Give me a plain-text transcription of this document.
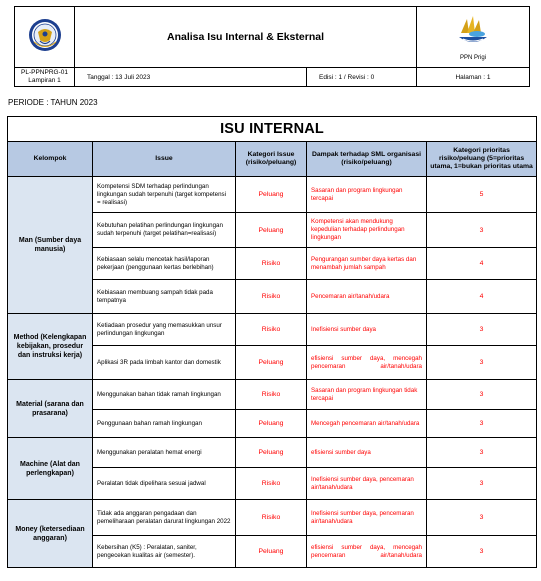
	Analisa Isu Internal & Eksternal		PPN Prigi

PL-PPNPRG-01
Lampiran 1	Tanggal : 13 Juli 2023	Edisi : 1 / Revisi : 0	Halaman : 1
PERIODE : TAHUN 2023
ISU INTERNAL				
Kelompok	Issue	Kategori Issue (risiko/peluang)	Dampak terhadap SML organisasi (risiko/peluang)	Kategori prioritas risiko/peluang (5=prioritas utama, 1=bukan prioritas utama
Man (Sumber daya manusia)	Kompetensi SDM terhadap perlindungan lingkungan sudah terpenuhi (target kompetensi = realisasi)	Peluang	Sasaran dan program lingkungan tercapai	5
	Kebutuhan pelatihan perlindungan lingkungan sudah terpenuhi (target pelatihan=realisasi)	Peluang	Kompetensi akan mendukung kepedulian terhadap perlindungan lingkungan	3
	Kebiasaan selalu mencetak hasil/laporan pekerjaan (penggunaan kertas berlebihan)	Risiko	Pengurangan sumber daya kertas dan menambah jumlah sampah	4
	Kebiasaan membuang sampah tidak pada tempatnya	Risiko	Pencemaran air/tanah/udara	4
Method (Kelengkapan kebijakan, prosedur dan instruksi kerja)	Ketiadaan prosedur yang memasukkan unsur perlindungan lingkungan	Risiko	Inefisiensi sumber daya	3
	Aplikasi 3R pada limbah kantor dan domestik	Peluang	efisiensi sumber daya, mencegah pencemaran air/tanah/udara	3
Material (sarana dan prasarana)	Menggunakan bahan tidak ramah lingkungan	Risiko	Sasaran dan program lingkungan tidak tercapai	3
	Penggunaan bahan ramah lingkungan	Peluang	Mencegah pencemaran air/tanah/udara	3
Machine (Alat dan perlengkapan)	Menggunakan peralatan hemat energi	Peluang	efisiensi sumber daya	3
	Peralatan tidak dipelihara sesuai jadwal	Risiko	Inefisiensi sumber daya, pencemaran air/tanah/udara	3
Money (ketersediaan anggaran)	Tidak ada anggaran pengadaan dan pemeliharaan peralatan darurat lingkungan 2022	Risiko	Inefisiensi sumber daya, pencemaran air/tanah/udara	3
	Kebersihan (K5) : Peralatan, saniter, pengecekan kualitas air (semester).	Peluang	efisiensi sumber daya, mencegah pencemaran air/tanah/udara	3
